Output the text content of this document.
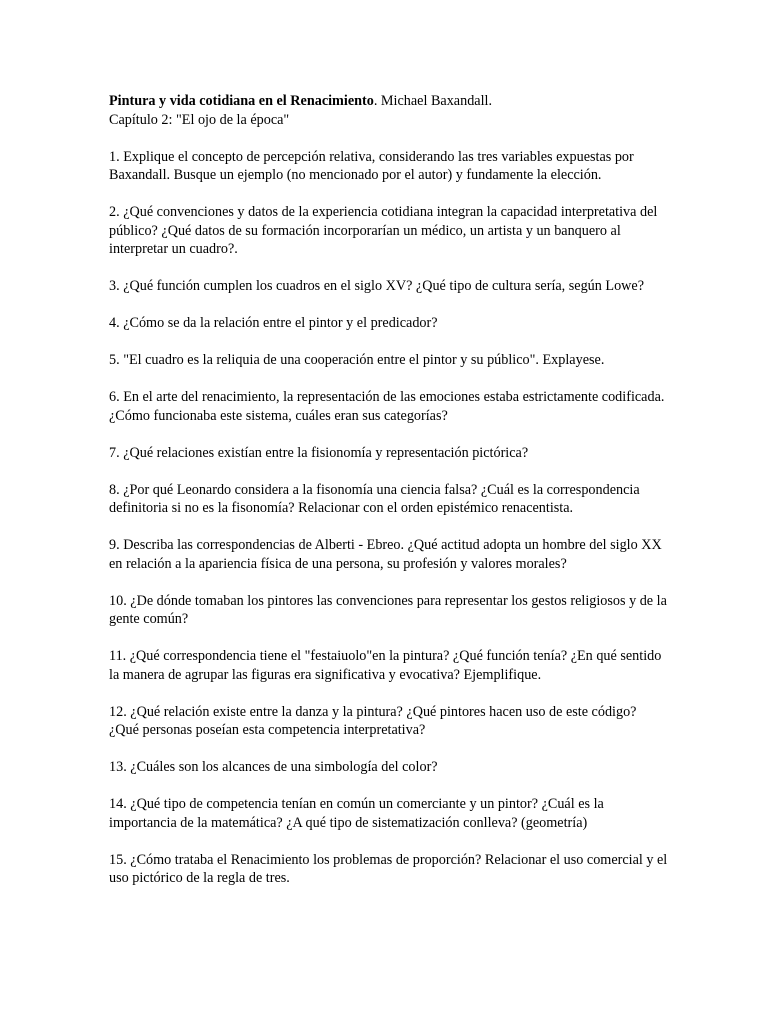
Pintura y vida cotidiana en el Renacimiento. Michael Baxandall.
Capítulo 2: "El ojo de la época"

1. Explique el concepto de percepción relativa, considerando las tres variables expuestas por Baxandall. Busque un ejemplo (no mencionado por el autor) y fundamente la elección.

2. ¿Qué convenciones y datos de la experiencia cotidiana integran la capacidad interpretativa del público? ¿Qué datos de su formación incorporarían un médico, un artista y un banquero al interpretar un cuadro?.

3. ¿Qué función cumplen los cuadros en el siglo XV? ¿Qué tipo de cultura sería, según Lowe?

4. ¿Cómo se da la relación entre el pintor y el predicador?

5. "El cuadro es la reliquia de una cooperación entre el pintor y su público". Explayese.

6. En el arte del renacimiento, la representación de las emociones estaba estrictamente codificada. ¿Cómo funcionaba este sistema, cuáles eran sus categorías?

7. ¿Qué relaciones existían entre la fisionomía y representación pictórica?

8. ¿Por qué Leonardo considera a la fisonomía una ciencia falsa? ¿Cuál es la correspondencia definitoria si no es la fisonomía? Relacionar con el orden epistémico renacentista.

9. Describa las correspondencias de Alberti - Ebreo. ¿Qué actitud adopta un hombre del siglo XX en relación a la apariencia física de una persona, su profesión y valores morales?

10. ¿De dónde tomaban los pintores las convenciones para representar los gestos religiosos y de la gente común?

11. ¿Qué correspondencia tiene el "festaiuolo"en la pintura? ¿Qué función tenía? ¿En qué sentido la manera de agrupar las figuras era significativa y evocativa? Ejemplifique.

12. ¿Qué relación existe entre la danza y la pintura? ¿Qué pintores hacen uso de este código? ¿Qué personas poseían esta competencia interpretativa?

13. ¿Cuáles son los alcances de una simbología del color?

14. ¿Qué tipo de competencia tenían en común un comerciante y un pintor? ¿Cuál es la importancia de la matemática? ¿A qué tipo de sistematización conlleva? (geometría)

15. ¿Cómo trataba el Renacimiento los problemas de proporción? Relacionar el uso comercial y el uso pictórico de la regla de tres.
